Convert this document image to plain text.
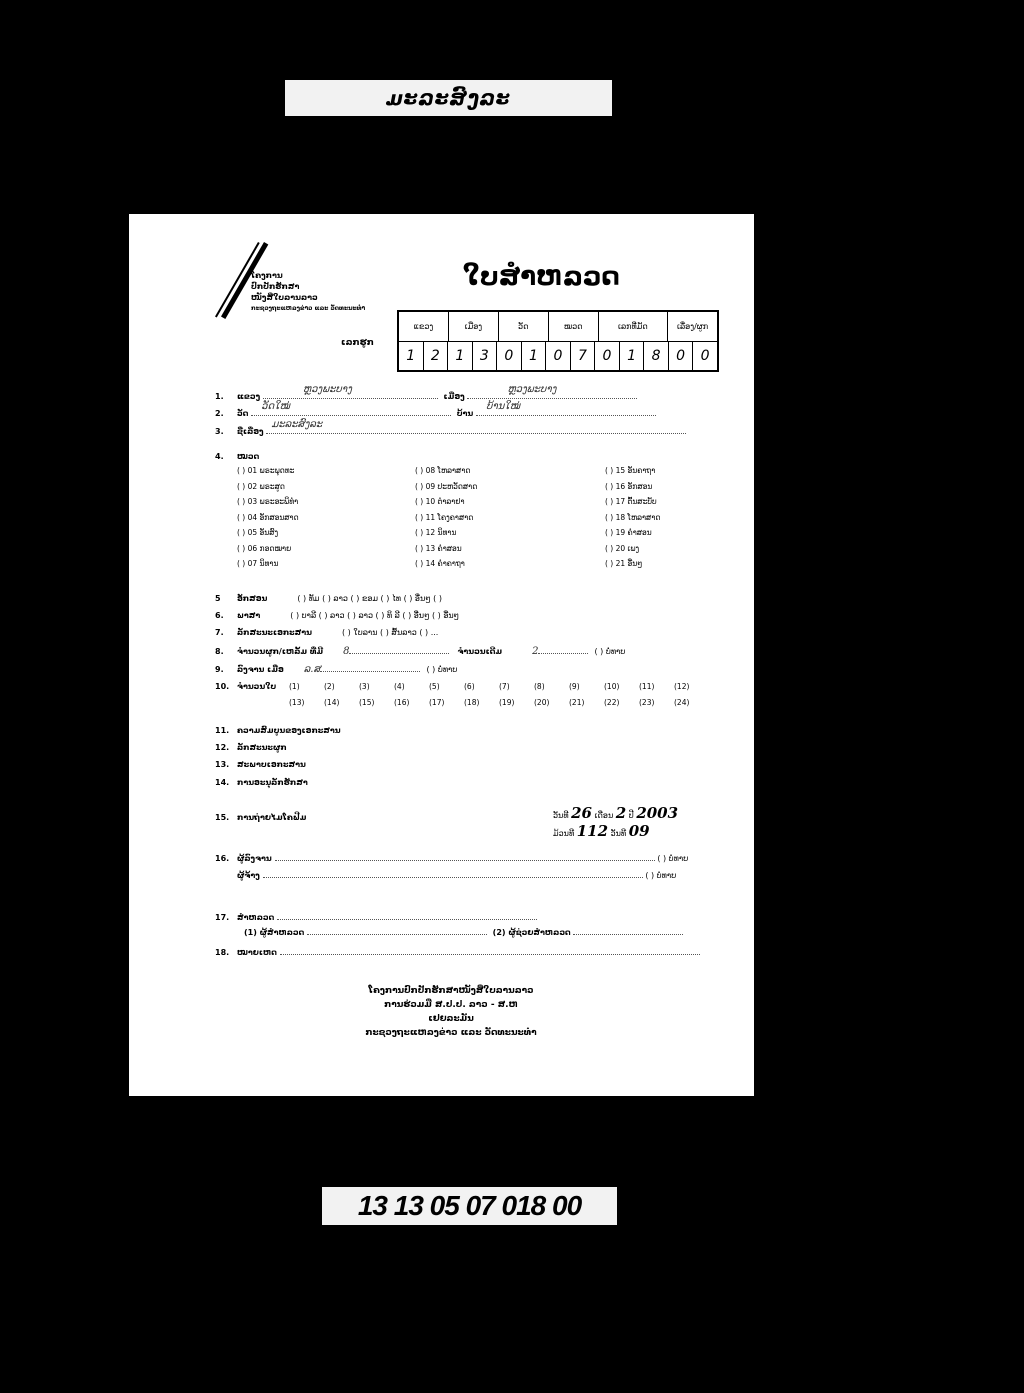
ມະລະສົງລະ
ໂຄງການ
ປົກປັກຮັກສາ
ໜັງສືໃບລານລາວ
ກະຊວງຖະແຫລງຂ່າວ ແລະ ວັດທະນະທຳ
ໃບສຳຫລວດ
ເລກຮູກ
ແຂວງ	ເມືອງ	ວັດ	ໝວດ	ເລກທີ່ມັດ	ເລື່ອງ/ຜູກ
1	2	1	3	0	1	0	7	0	1	8	0	0
1. ແຂວງ
ຫຼວງພະບາງ
ເມືອງ
ຫຼວງພະບາງ
2. ວັດ
ວັດໃໝ່
ບ້ານ
ບ້ານໃໝ່
3. ຊື່ເລື່ອງ
ມະລະສົງລະ
4. ໝວດ
( ) 01 ພຣະພຸດທະ
( ) 02 ພຣະສູດ
( ) 03 ພຣະອະພິທຳ
( ) 04 ອັກສອນສາດ
( ) 05 ອັນສົງ
( ) 06 ກອດໝາຍ
( ) 07 ນິທານ
( ) 08 ໂຫລາສາດ
( ) 09 ປະຫວັດສາດ
( ) 10 ຕຳລາຢາ
( ) 11 ໂຄງຄາສາດ
( ) 12 ນິທານ
( ) 13 ຄຳສອນ
( ) 14 ຄຳຄາຖາ
( ) 15 ອັນຄາຖາ
( ) 16 ອັກສອນ
( ) 17 ຕົ້ນສະບັບ
( ) 18 ໂຫລາສາດ
( ) 19 ຄຳສອນ
( ) 20 ເພງ
( ) 21 ອື່ນໆ
5 ອັກສອນ	( ) ທັມ ( ) ລາວ ( ) ຂອມ ( ) ໄທ ( ) ອື່ນໆ ( )
6. ພາສາ	( ) ບາລີ ( ) ລາວ ( ) ລາວ ( ) ທິ ລີ ( ) ອື່ນໆ ( ) ອື່ນໆ
7. ລັກສະນະເອກະສານ	( ) ໃບລານ ( ) ສົ້ນລາວ ( ) ...
8. ຈຳນວນຜູກ/ເຫລັ້ມ ທີ່ມີ 8	ຈຳນວນເດີມ	2	( ) ບໍ່ທາບ
9. ລົງຈານ ເມື່ອ ລ.ສ	( ) ບໍ່ທາບ
10. ຈຳນວນໃບ (1)	(2)	(3)	(4)	(5)	(6)	(7)	(8)	(9)	(10)	(11)	(12)
(13)	(14)	(15)	(16)	(17)	(18)	(19)	(20)	(21)	(22)	(23)	(24)
11. ຄວາມສົມບູນຂອງເອກະສານ
12. ລັກສະນະຜູກ
13. ສະພາບເອກະສານ
14. ການອະນຸລັກຮັກສາ
15. ການຖ່າຍໄມໂຄຟີມ	ວັນທີ 26 ເດືອນ 2 ປີ 2003
ມ້ວນທີ 112 ວັນທີ 09
16. ຜູ້ລົງຈານ	( ) ບໍ່ທາບ
ຜູ້ຈ້າງ	( ) ບໍ່ທາບ
17. ສຳຫລວດ
(1) ຜູ້ສຳຫລວດ	(2) ຜູ້ຊ່ວຍສຳຫລວດ
18. ໝາຍເຫດ
ໂຄງການປົກປັກຮັກສາໜັງສືໃບລານລາວ
ການຮ່ວມມື ສ.ປ.ປ. ລາວ - ສ.ຫ ເຢຍລະມັນ
ກະຊວງຖະແຫລງຂ່າວ ແລະ ວັດທະນະທຳ
13 13 05 07 018 00
